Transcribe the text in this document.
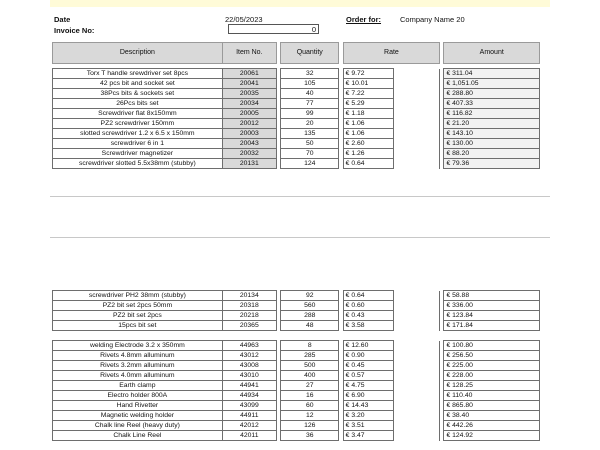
Date	22/05/2023
Invoice No:	0
Order for:	Company Name 20
Description	Item No.		Quantity		Rate			Amount

Torx T handle srewdriver set 8pcs	20061		32		€ 9.72			€ 311.04
42 pcs bit and socket set	20041		105		€ 10.01			€ 1,051.05
38Pcs bits & sockets set	20035		40		€ 7.22			€ 288.80
26Pcs bits set	20034		77		€ 5.29			€ 407.33
Screwdriver flat 8x150mm	20005		99		€ 1.18			€ 116.82
PZ2 screwdriver 150mm	20012		20		€ 1.06			€ 21.20
slotted screwdriver 1.2 x 6.5 x 150mm	20003		135		€ 1.06			€ 143.10
screwdriver 6 in 1	20043		50		€ 2.60			€ 130.00
Screwdriver magnetizer	20032		70		€ 1.26			€ 88.20
screwdriver slotted 5.5x38mm (stubby)	20131		124		€ 0.64			€ 79.36
screwdriver PH2 38mm (stubby)	20134		92		€ 0.64			€ 58.88
PZ2 bit set 2pcs 50mm	20318		560		€ 0.60			€ 336.00
PZ2 bit set 2pcs	20218		288		€ 0.43			€ 123.84
15pcs bit set	20365		48		€ 3.58			€ 171.84

welding Electrode 3.2 x 350mm	44963		8		€ 12.60			€ 100.80
Rivets 4.8mm alluminum	43012		285		€ 0.90			€ 256.50
Rivets 3.2mm alluminum	43008		500		€ 0.45			€ 225.00
Rivets 4.0mm alluminum	43010		400		€ 0.57			€ 228.00
Earth clamp	44941		27		€ 4.75			€ 128.25
Electro holder 800A	44934		16		€ 6.90			€ 110.40
Hand Rivetter	43099		60		€ 14.43			€ 865.80
Magnetic welding holder	44911		12		€ 3.20			€ 38.40
Chalk line Reel (heavy duty)	42012		126		€ 3.51			€ 442.26
Chalk Line Reel	42011		36		€ 3.47			€ 124.92
